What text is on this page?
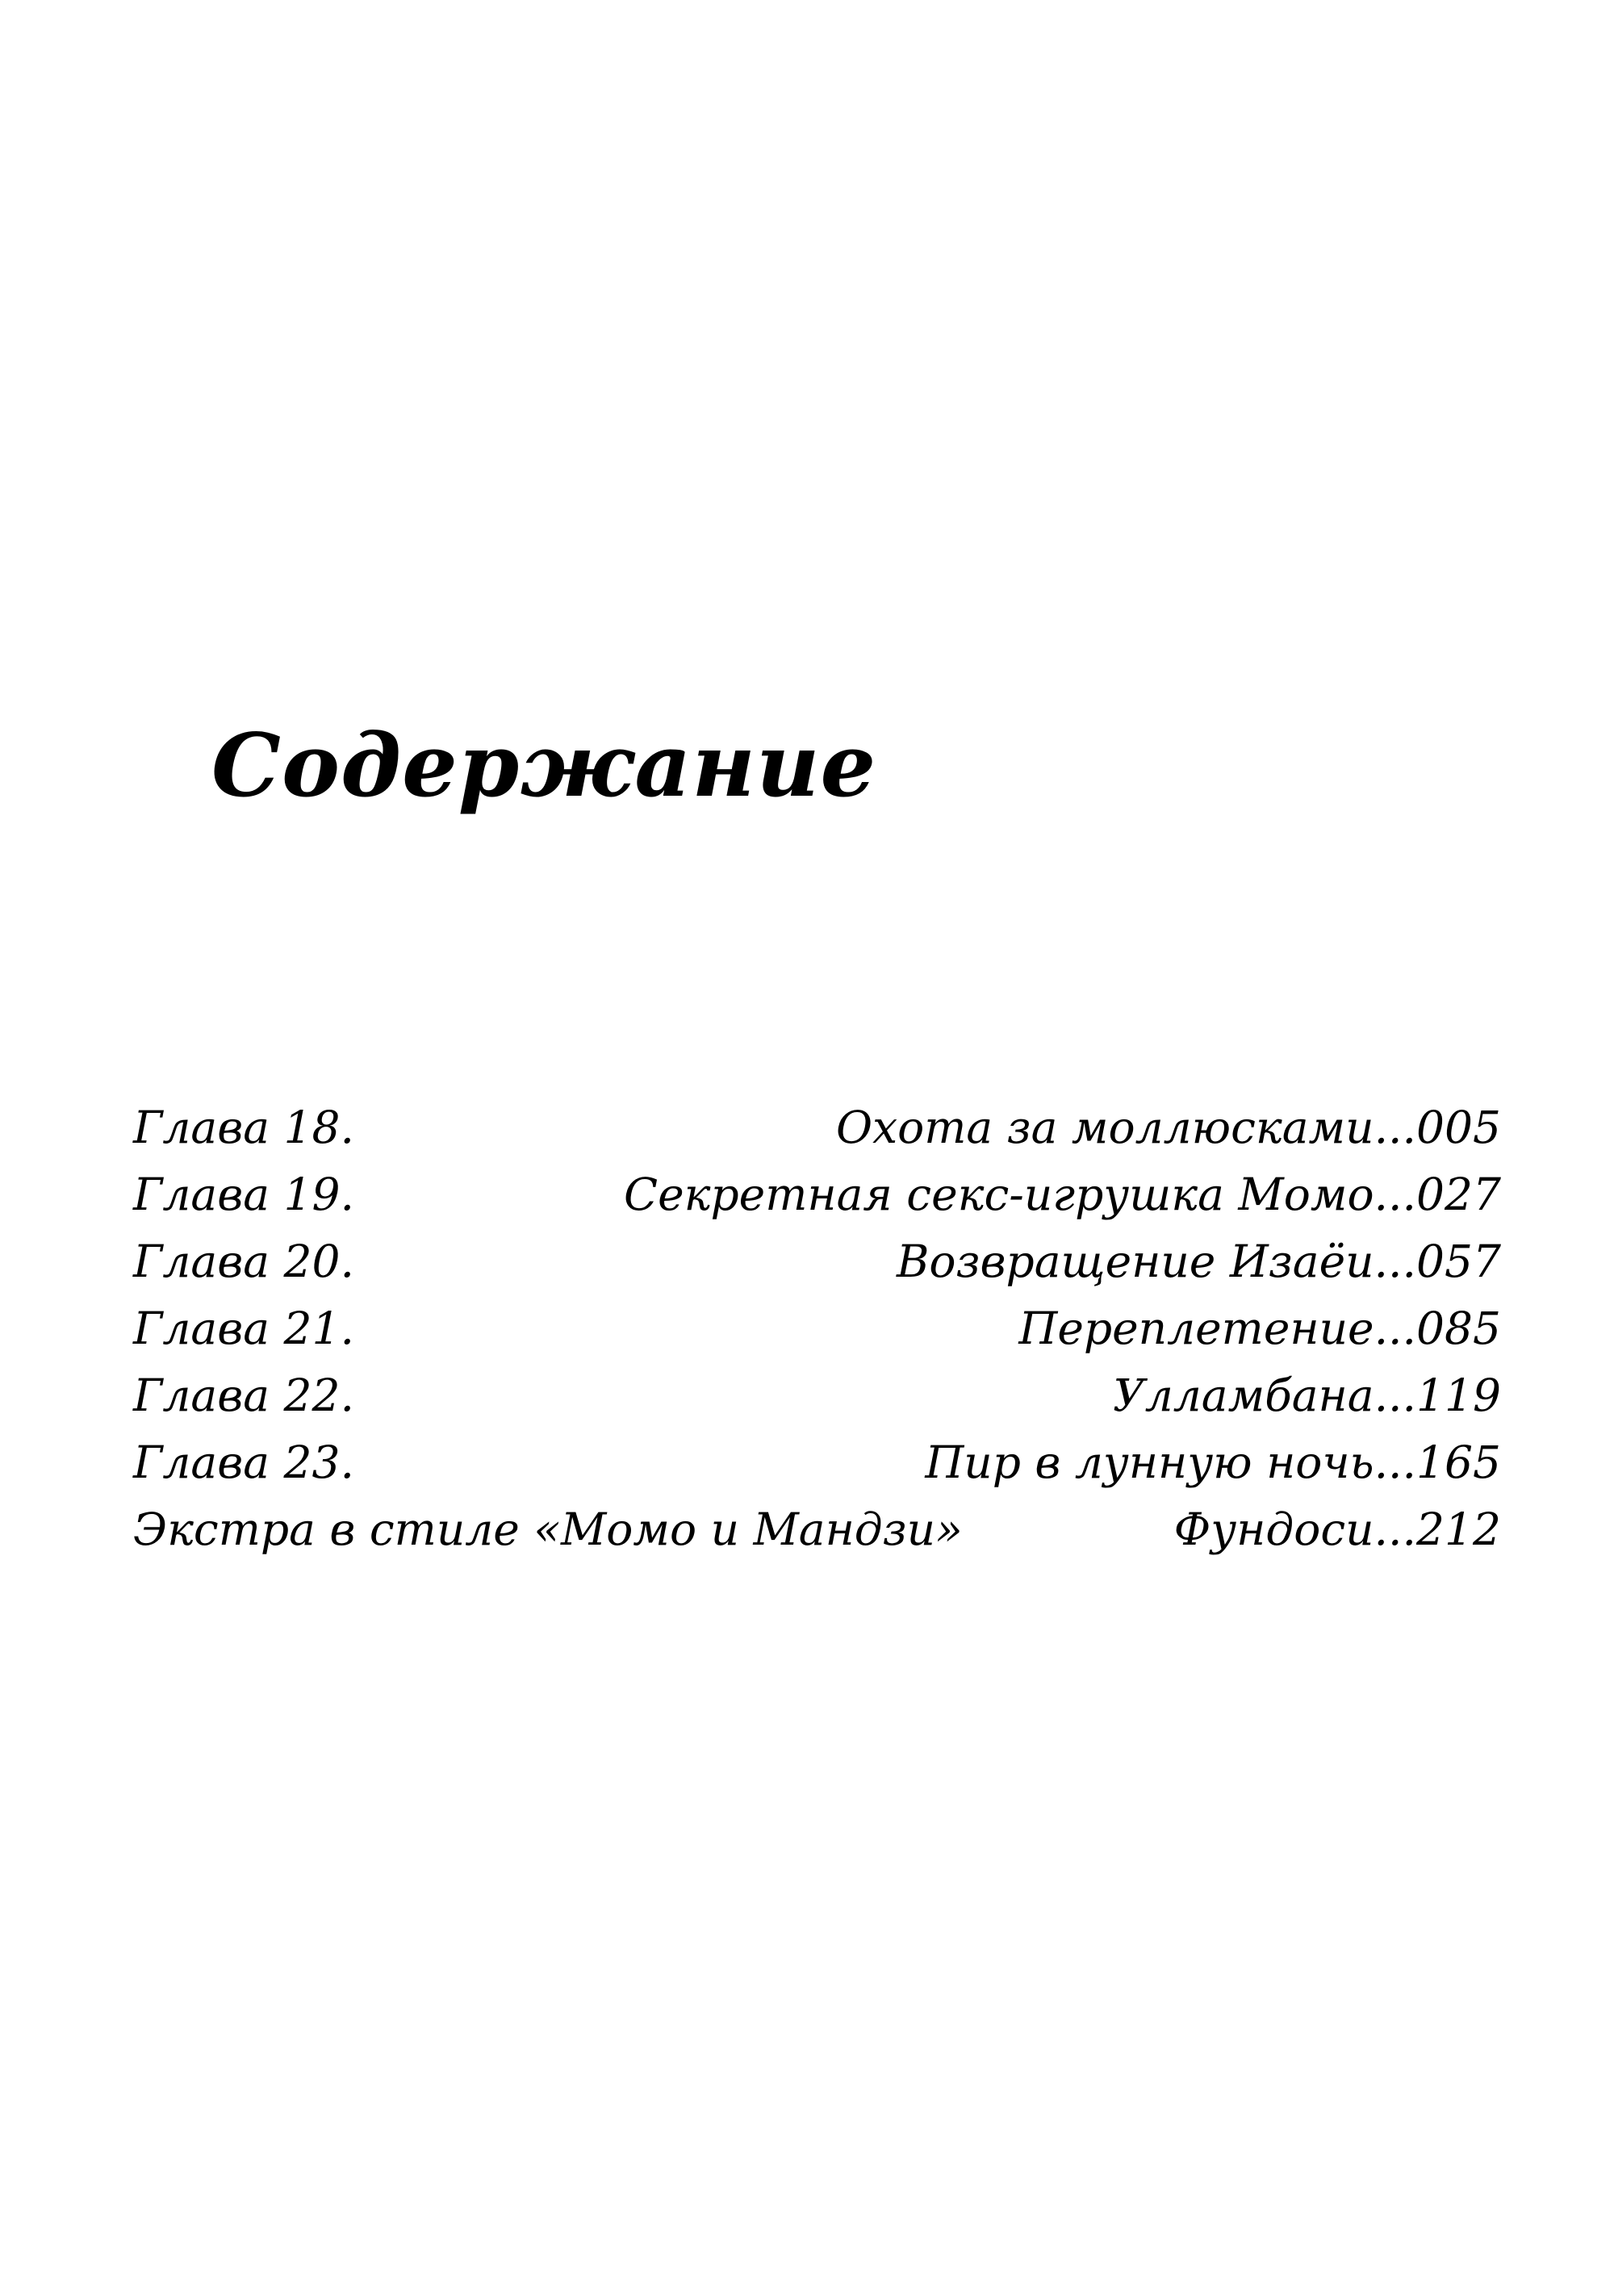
Содержание
Глава 18.	Охота за моллюсками...005
Глава 19.	Секретная секс-игрушка Момо...027
Глава 20.	Возвращение Изаёи...057
Глава 21.	Переплетение...085
Глава 22.	Улламбана...119
Глава 23.	Пир в лунную ночь...165
Экстра в стиле «Момо и Мандзи»	Фундоси...212
